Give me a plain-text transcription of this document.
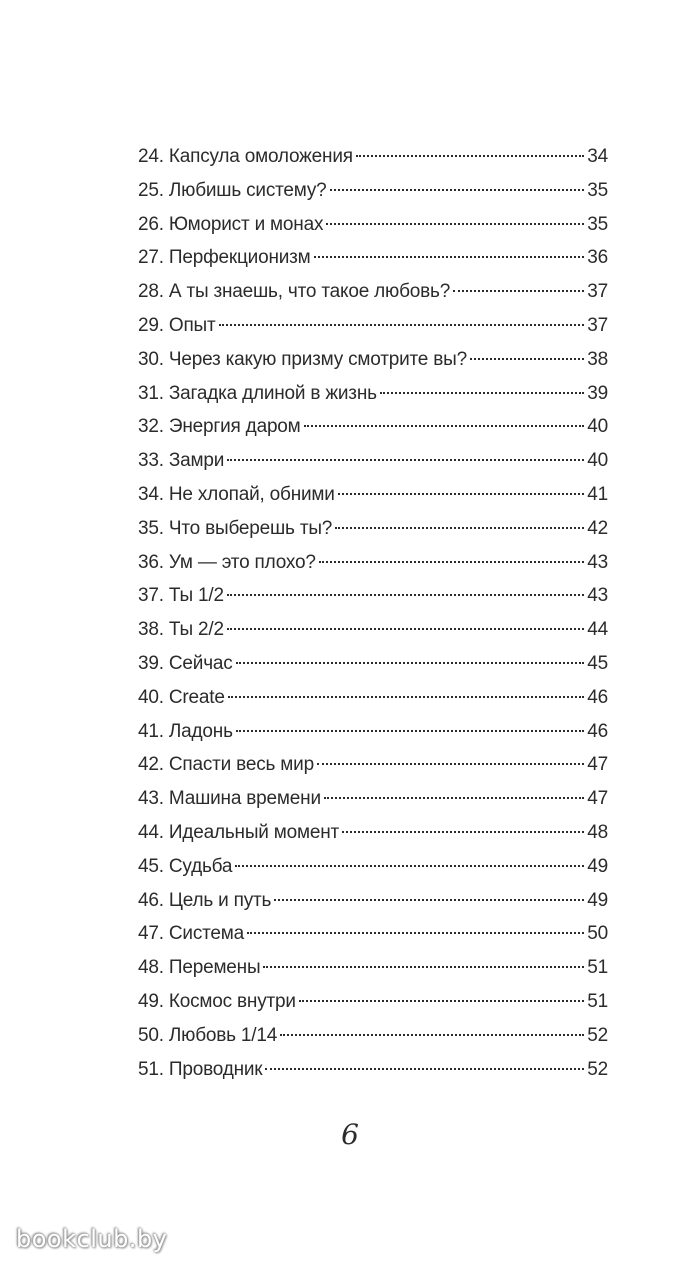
24. Капсула омоложения	34
25. Любишь систему?	35
26. Юморист и монах	35
27. Перфекционизм	36
28. А ты знаешь, что такое любовь?	37
29. Опыт	37
30. Через какую призму смотрите вы?	38
31. Загадка длиной в жизнь	39
32. Энергия даром	40
33. Замри	40
34. Не хлопай, обними	41
35. Что выберешь ты?	42
36. Ум — это плохо?	43
37. Ты 1/2	43
38. Ты 2/2	44
39. Сейчас	45
40. Create	46
41. Ладонь	46
42. Спасти весь мир	47
43. Машина времени	47
44. Идеальный момент	48
45. Судьба	49
46. Цель и путь	49
47. Система	50
48. Перемены	51
49. Космос внутри	51
50. Любовь 1/14	52
51. Проводник	52
6
bookclub.by
